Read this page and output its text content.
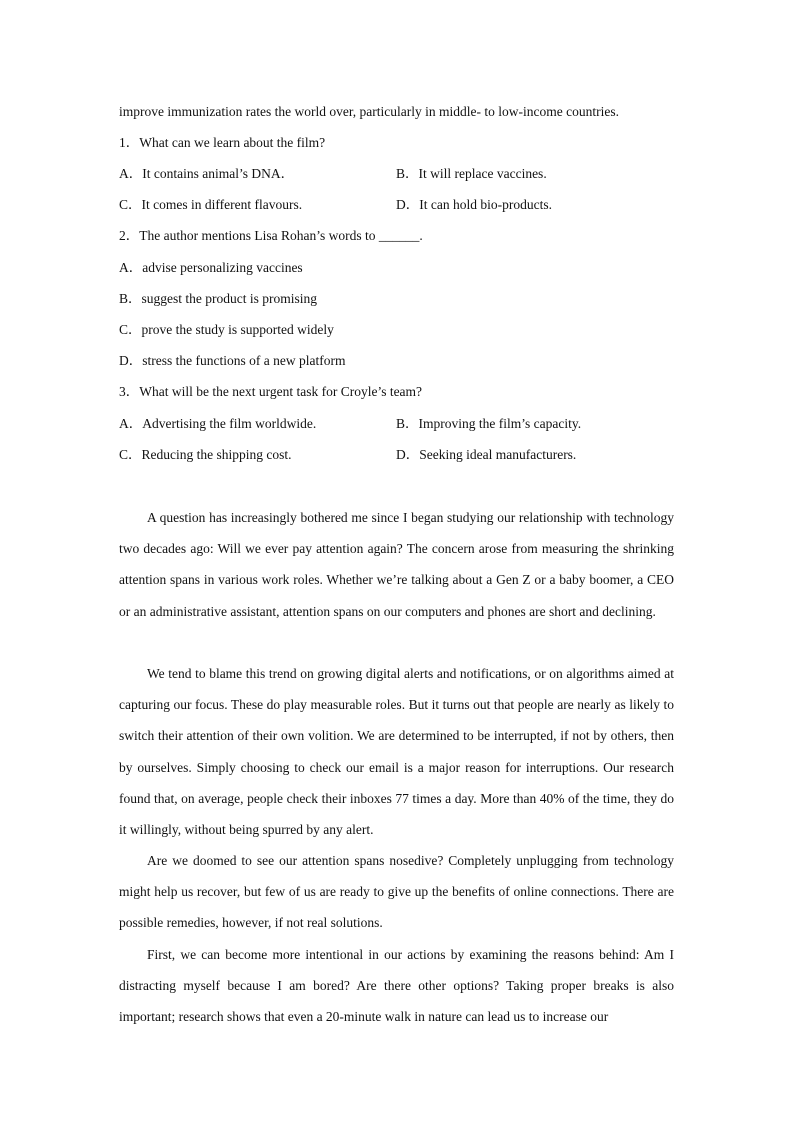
improve immunization rates the world over, particularly in middle- to low-income countries.
1．What can we learn about the film?
A．It contains animal’s DNA．	B．It will replace vaccines.
C．It comes in different flavours.	D．It can hold bio-products.
2．The author mentions Lisa Rohan’s words to ______.
A．advise personalizing vaccines
B．suggest the product is promising
C．prove the study is supported widely
D．stress the functions of a new platform
3．What will be the next urgent task for Croyle’s team?
A．Advertising the film worldwide.	B．Improving the film’s capacity.
C．Reducing the shipping cost.	D．Seeking ideal manufacturers.

A question has increasingly bothered me since I began studying our relationship with technology two decades ago: Will we ever pay attention again? The concern arose from measuring the shrinking attention spans in various work roles. Whether we’re talking about a Gen Z or a baby boomer, a CEO or an administrative assistant, attention spans on our computers and phones are short and declining.

We tend to blame this trend on growing digital alerts and notifications, or on algorithms aimed at capturing our focus. These do play measurable roles. But it turns out that people are nearly as likely to switch their attention of their own volition. We are determined to be interrupted, if not by others, then by ourselves. Simply choosing to check our email is a major reason for interruptions. Our research found that, on average, people check their inboxes 77 times a day. More than 40% of the time, they do it willingly, without being spurred by any alert.

Are we doomed to see our attention spans nosedive? Completely unplugging from technology might help us recover, but few of us are ready to give up the benefits of online connections. There are possible remedies, however, if not real solutions.

First, we can become more intentional in our actions by examining the reasons behind: Am I distracting myself because I am bored? Are there other options? Taking proper breaks is also important; research shows that even a 20-minute walk in nature can lead us to increase our
